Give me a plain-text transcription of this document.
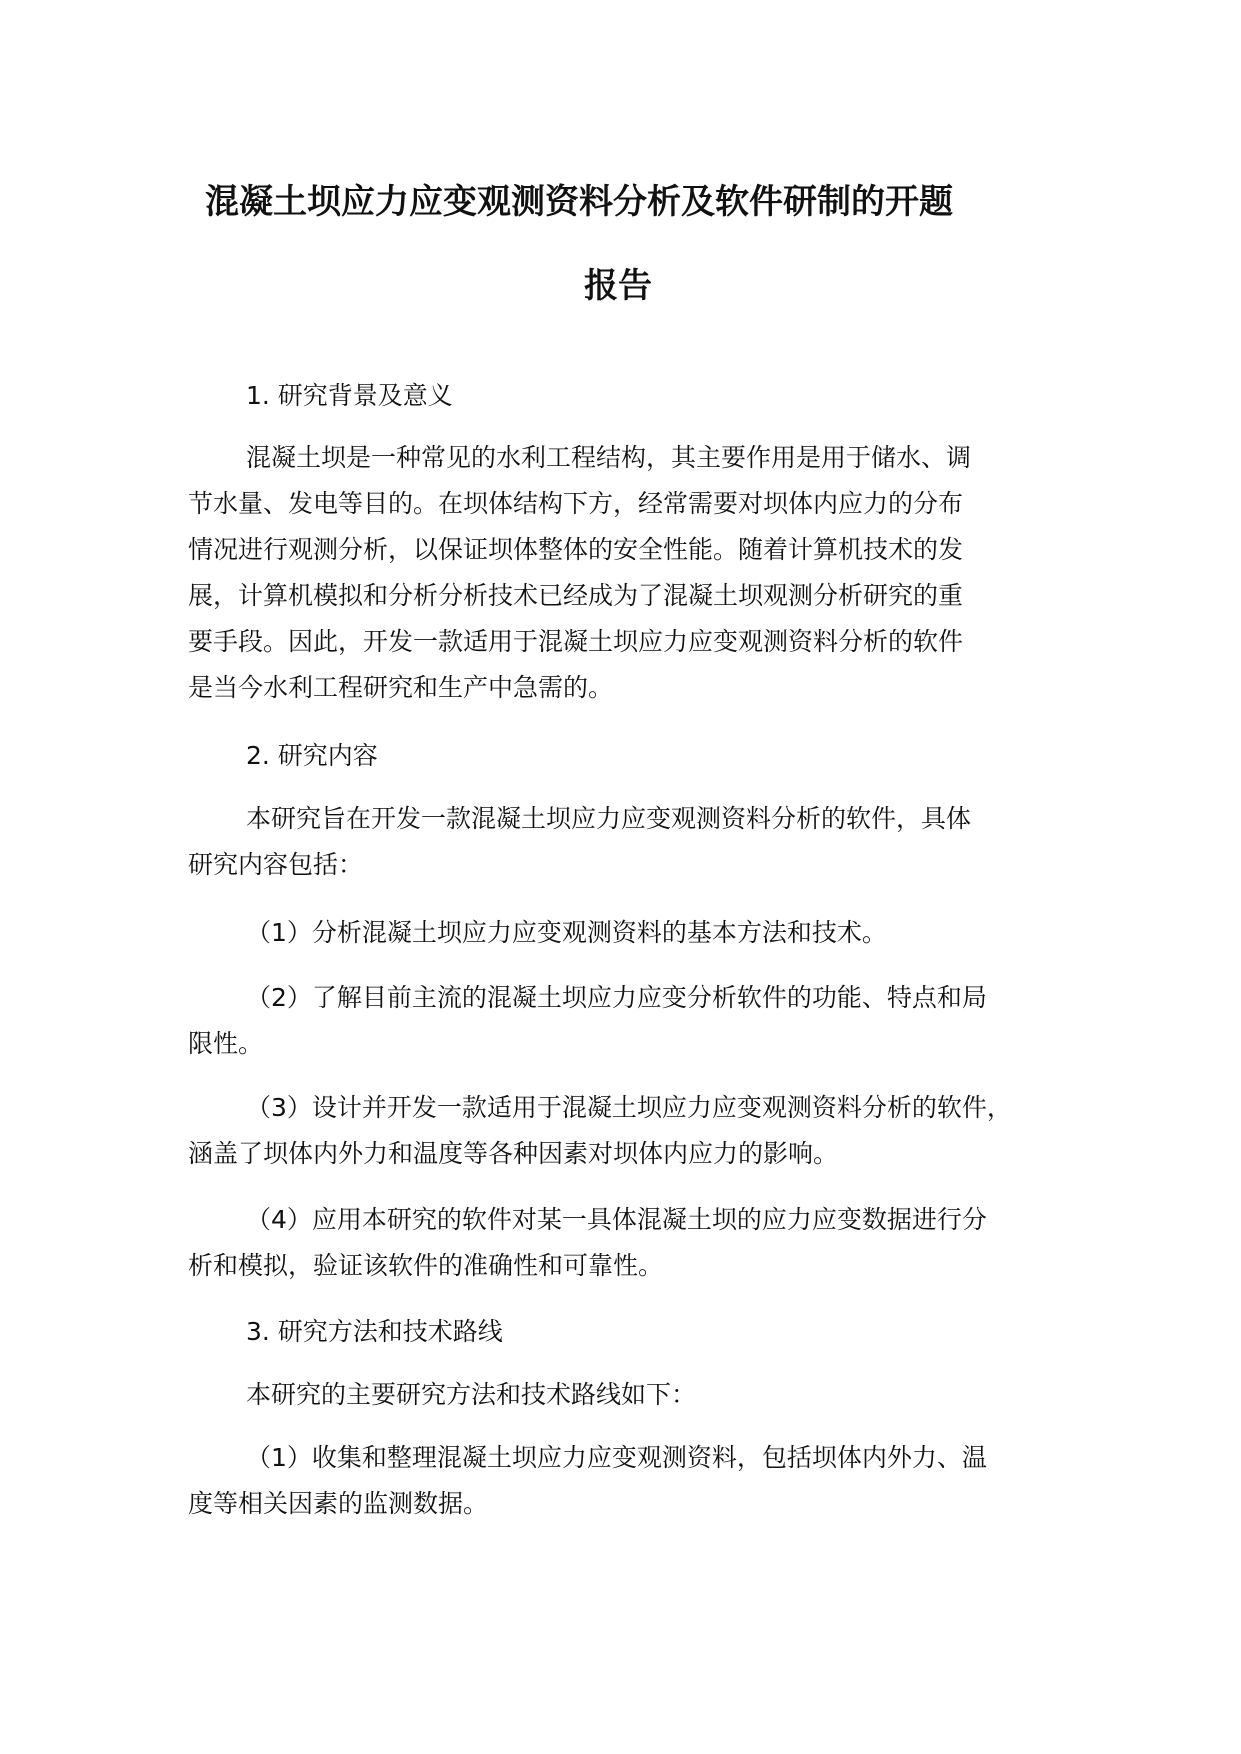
混凝土坝应力应变观测资料分析及软件研制的开题
报告

1. 研究背景及意义

混凝土坝是一种常见的水利工程结构，其主要作用是用于储水、调

节水量、发电等目的。在坝体结构下方，经常需要对坝体内应力的分布

情况进行观测分析，以保证坝体整体的安全性能。随着计算机技术的发

展，计算机模拟和分析分析技术已经成为了混凝土坝观测分析研究的重

要手段。因此，开发一款适用于混凝土坝应力应变观测资料分析的软件

是当今水利工程研究和生产中急需的。

2. 研究内容

本研究旨在开发一款混凝土坝应力应变观测资料分析的软件，具体

研究内容包括：

（1）分析混凝土坝应力应变观测资料的基本方法和技术。

（2）了解目前主流的混凝土坝应力应变分析软件的功能、特点和局

限性。

（3）设计并开发一款适用于混凝土坝应力应变观测资料分析的软件，

涵盖了坝体内外力和温度等各种因素对坝体内应力的影响。

（4）应用本研究的软件对某一具体混凝土坝的应力应变数据进行分

析和模拟，验证该软件的准确性和可靠性。

3. 研究方法和技术路线

本研究的主要研究方法和技术路线如下：

（1）收集和整理混凝土坝应力应变观测资料，包括坝体内外力、温

度等相关因素的监测数据。
